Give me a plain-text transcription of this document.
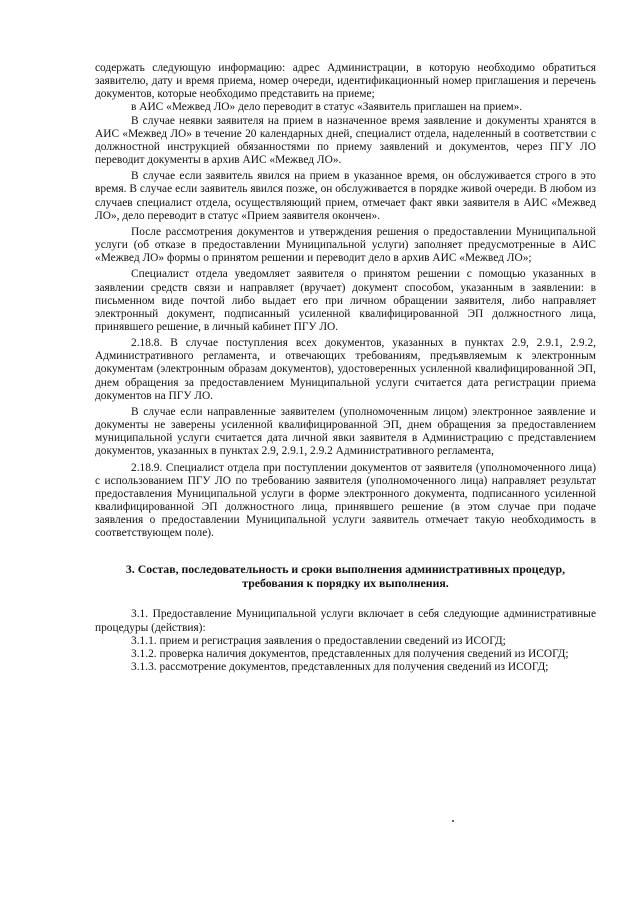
содержать следующую информацию: адрес Администрации, в которую необходимо обратиться заявителю, дату и время приема, номер очереди, идентификационный номер приглашения и перечень документов, которые необходимо представить на приеме;

в АИС «Межвед ЛО» дело переводит в статус «Заявитель приглашен на прием».

В случае неявки заявителя на прием в назначенное время заявление и документы хранятся в АИС «Межвед ЛО» в течение 20 календарных дней, специалист отдела, наделенный в соответствии с должностной инструкцией обязанностями по приему заявлений и документов, через ПГУ ЛО переводит документы в архив АИС «Межвед ЛО».

В случае если заявитель явился на прием в указанное время, он обслуживается строго в это время. В случае если заявитель явился позже, он обслуживается в порядке живой очереди. В любом из случаев специалист отдела, осуществляющий прием, отмечает факт явки заявителя в АИС «Межвед ЛО», дело переводит в статус «Прием заявителя окончен».

После рассмотрения документов и утверждения решения о предоставлении Муниципальной услуги (об отказе в предоставлении Муниципальной услуги) заполняет предусмотренные в АИС «Межвед ЛО» формы о принятом решении и переводит дело в архив АИС «Межвед ЛО»;

Специалист отдела уведомляет заявителя о принятом решении с помощью указанных в заявлении средств связи и направляет (вручает) документ способом, указанным в заявлении: в письменном виде почтой либо выдает его при личном обращении заявителя, либо направляет электронный документ, подписанный усиленной квалифицированной ЭП должностного лица, принявшего решение, в личный кабинет ПГУ ЛО.

2.18.8. В случае поступления всех документов, указанных в пунктах 2.9, 2.9.1, 2.9.2, Административного регламента, и отвечающих требованиям, предъявляемым к электронным документам (электронным образам документов), удостоверенных усиленной квалифицированной ЭП, днем обращения за предоставлением Муниципальной услуги считается дата регистрации приема документов на ПГУ ЛО.

В случае если направленные заявителем (уполномоченным лицом) электронное заявление и документы не заверены усиленной квалифицированной ЭП, днем обращения за предоставлением муниципальной услуги считается дата личной явки заявителя в Администрацию с представлением документов, указанных в пунктах 2.9, 2.9.1, 2.9.2 Административного регламента,

2.18.9. Специалист отдела при поступлении документов от заявителя (уполномоченного лица) с использованием ПГУ ЛО по требованию заявителя (уполномоченного лица) направляет результат предоставления Муниципальной услуги в форме электронного документа, подписанного усиленной квалифицированной ЭП должностного лица, принявшего решение (в этом случае при подаче заявления о предоставлении Муниципальной услуги заявитель отмечает такую необходимость в соответствующем поле).

3. Состав, последовательность и сроки выполнения административных процедур, требования к порядку их выполнения.

3.1. Предоставление Муниципальной услуги включает в себя следующие административные процедуры (действия):

3.1.1. прием и регистрация заявления о предоставлении сведений из ИСОГД;

3.1.2. проверка наличия документов, представленных для получения сведений из ИСОГД;

3.1.3. рассмотрение документов, представленных для получения сведений из ИСОГД;
